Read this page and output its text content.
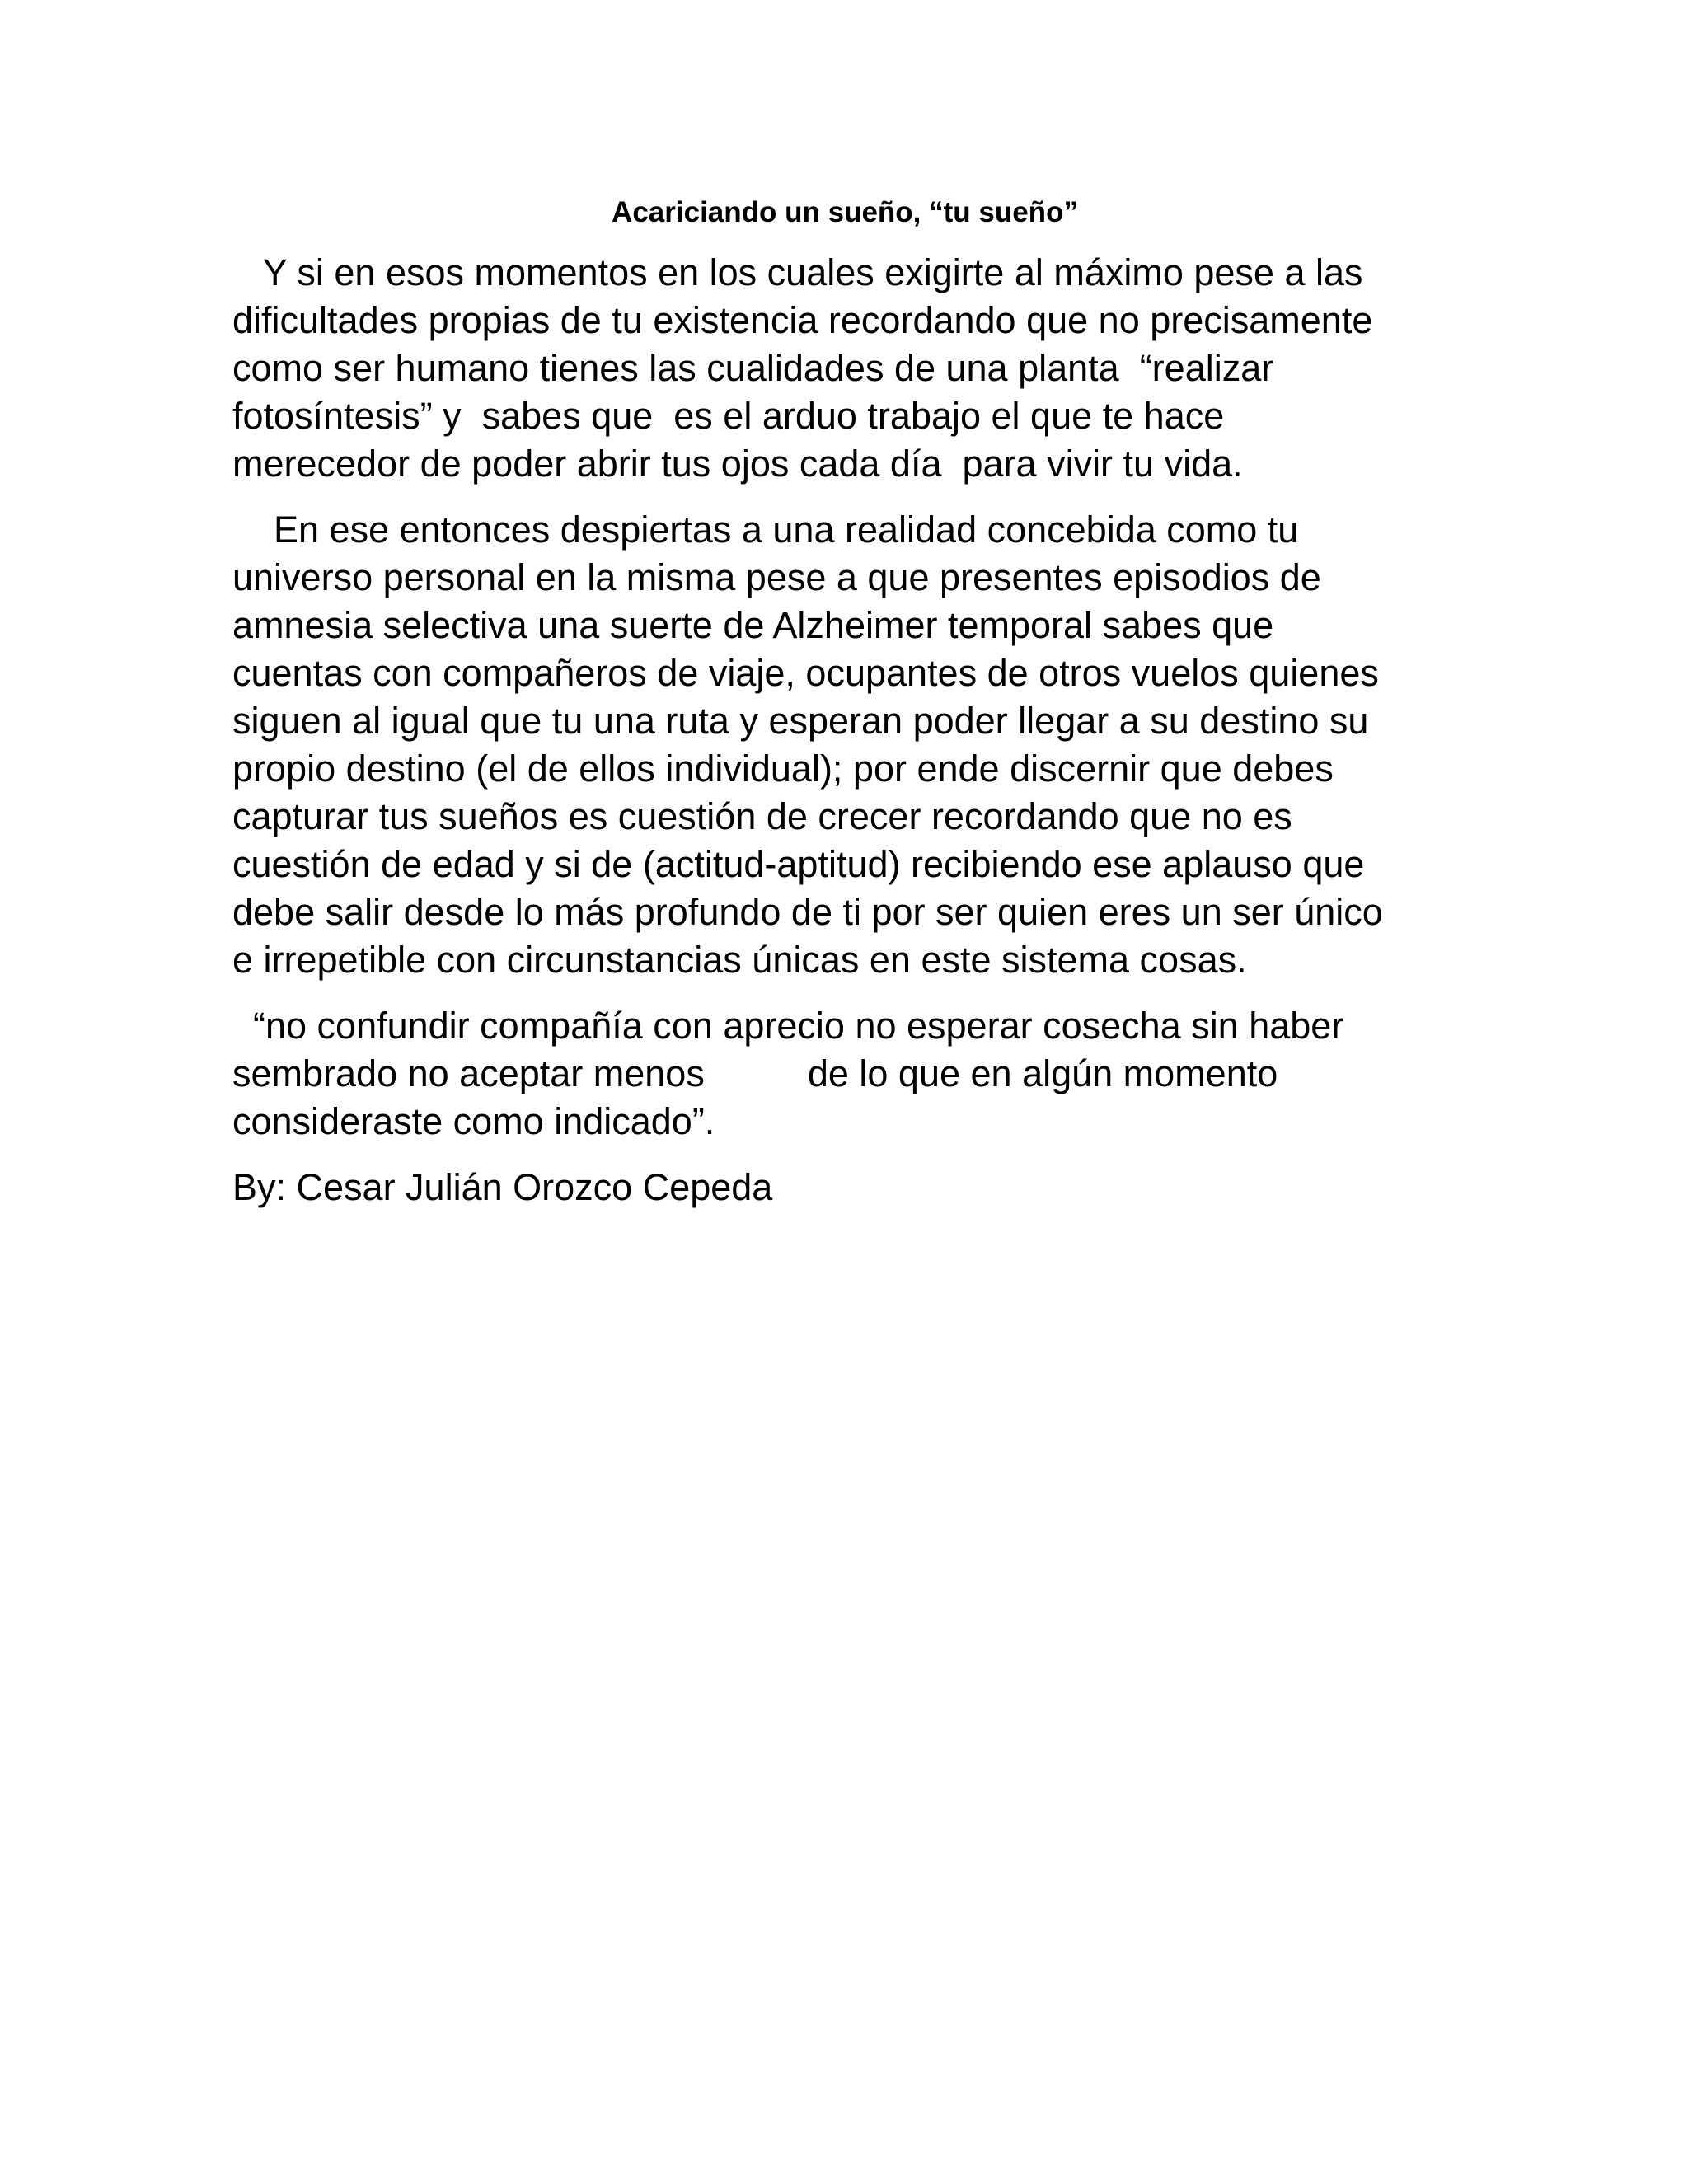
Acariciando un sueño, “tu sueño”

Y si en esos momentos en los cuales exigirte al máximo pese a las
dificultades propias de tu existencia recordando que no precisamente
como ser humano tienes las cualidades de una planta  “realizar
fotosíntesis” y  sabes que  es el arduo trabajo el que te hace
merecedor de poder abrir tus ojos cada día  para vivir tu vida.

En ese entonces despiertas a una realidad concebida como tu
universo personal en la misma pese a que presentes episodios de
amnesia selectiva una suerte de Alzheimer temporal sabes que
cuentas con compañeros de viaje, ocupantes de otros vuelos quienes
siguen al igual que tu una ruta y esperan poder llegar a su destino su
propio destino (el de ellos individual); por ende discernir que debes
capturar tus sueños es cuestión de crecer recordando que no es
cuestión de edad y si de (actitud-aptitud) recibiendo ese aplauso que
debe salir desde lo más profundo de ti por ser quien eres un ser único
e irrepetible con circunstancias únicas en este sistema cosas.

“no confundir compañía con aprecio no esperar cosecha sin haber
sembrado no aceptar menos          de lo que en algún momento
consideraste como indicado”.

By: Cesar Julián Orozco Cepeda
